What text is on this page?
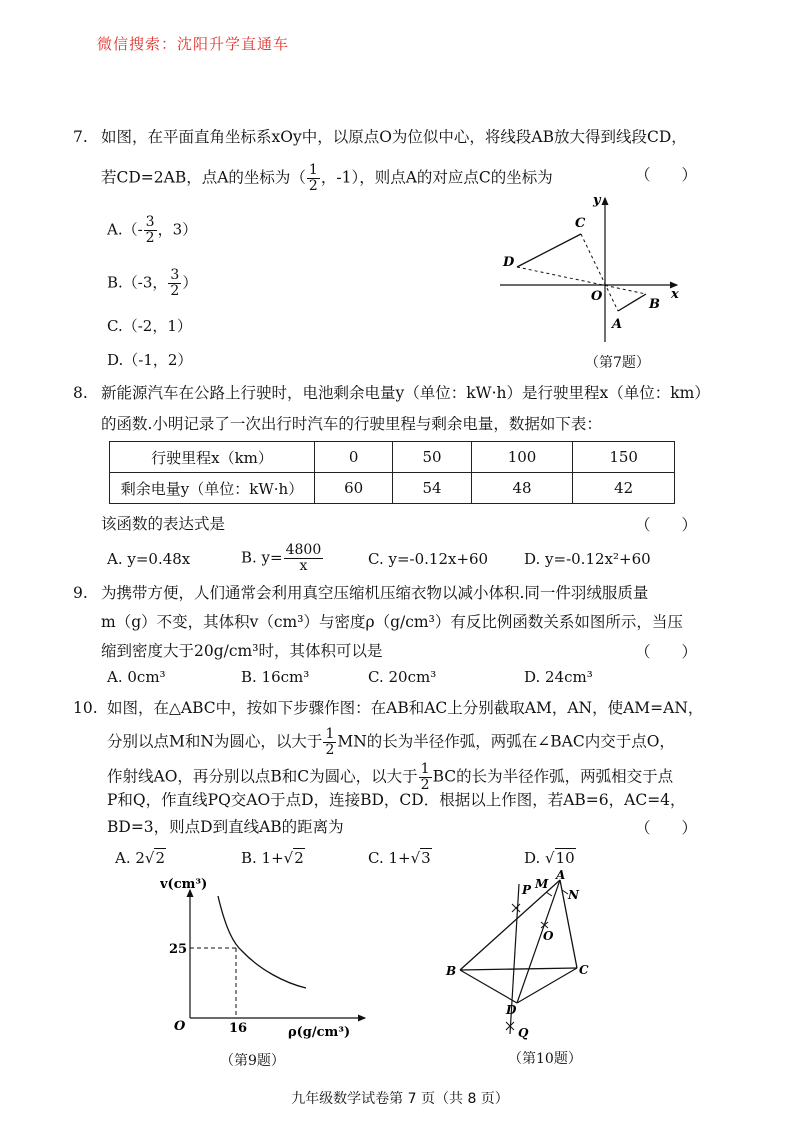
微信搜索：沈阳升学直通车
7. 如图，在平面直角坐标系xOy中，以原点O为位似中心，将线段AB放大得到线段CD，
若CD=2AB，点A的坐标为（ $\frac{1}{2}$ ，-1），则点A的对应点C的坐标为	（　　）
$A.(- \frac{3}{2}$ ，3）
B.（-3， $\frac{3}{2}$ ）
C.（-2，1）
D.（-1，2）
y
x
O
C
D
A
B
（第7题）
8. 新能源汽车在公路上行驶时，电池剩余电量y（单位：kW·h）是行驶里程x（单位：km）
的函数.小明记录了一次出行时汽车的行驶里程与剩余电量，数据如下表：
行驶里程x（km）	0	50	100	150
剩余电量y（单位：kW·h）	60	54	48	42
该函数的表达式是	（　　）
A. y=0.48x	B. $y= \frac{4800}{x}$	C. y=-0.12x+60 D. y=-0.12x²+60
9. 为携带方便，人们通常会利用真空压缩机压缩衣物以减小体积.同一件羽绒服质量
m（g）不变，其体积v（cm³）与密度ρ（g/cm³）有反比例函数关系如图所示，当压
缩到密度大于20g/cm³时，其体积可以是	（　　）
A. 0cm³	B. 16cm³	C. 20cm³	D. 24cm³
10. 如图，在△ABC中，按如下步骤作图：在AB和AC上分别截取AM，AN，使AM=AN，
分别以点M和N为圆心，以大于 $\frac{1}{2}$ MN的长为半径作弧，两弧在∠BAC内交于点O，
作射线AO，再分别以点B和C为圆心，以大于 $\frac{1}{2}$ BC的长为半径作弧，两弧相交于点
P和Q，作直线PQ交AO于点D，连接BD，CD．根据以上作图，若AB=6，AC=4，
BD=3，则点D到直线AB的距离为	（　　）
A. 2√2	B. 1+√2	C. 1+√3	D. √10
v(cm³)
ρ(g/cm³)
O
25
16
（第9题）
P M
A
N
O
B	C
D
Q
（第10题）
九年级数学试卷第 7 页（共 8 页）
